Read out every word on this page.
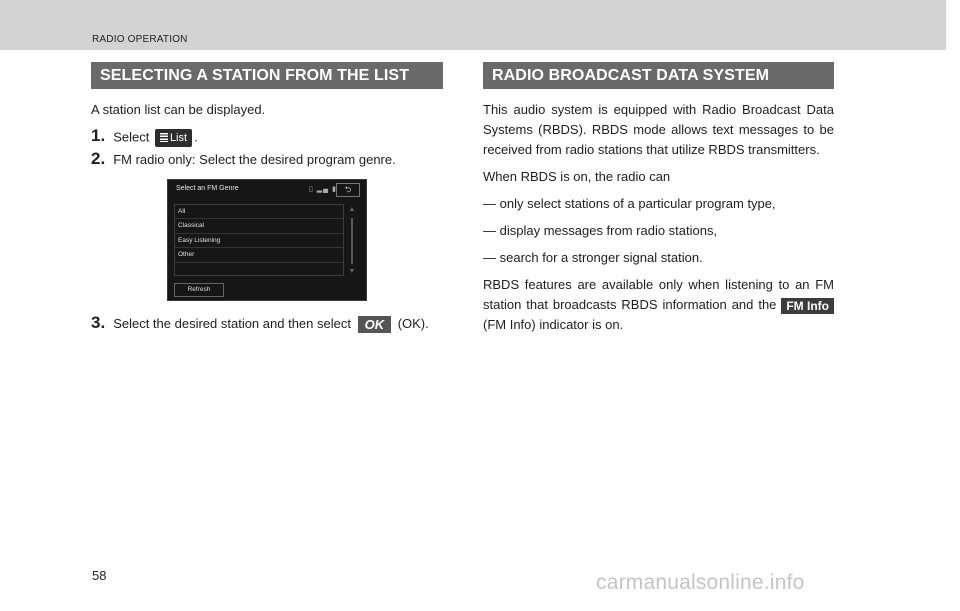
RADIO OPERATION
SELECTING A STATION FROM THE LIST

A station list can be displayed.

1. Select List .
2. FM radio only: Select the desired program genre.
Select an FM Genre	▯ ▂▄ ▮ ⮌
All
Classical
Easy Listening
Other
▲
▼
Refresh
3. Select the desired station and then select OK (OK).
RADIO BROADCAST DATA SYSTEM

This audio system is equipped with Radio Broadcast Data Systems (RBDS). RBDS mode allows text messages to be received from radio stations that utilize RBDS transmitters.

When RBDS is on, the radio can

— only select stations of a particular program type,

— display messages from radio stations,

— search for a stronger signal station.

RBDS features are available only when listening to an FM station that broadcasts RBDS information and the FM Info (FM Info) indicator is on.

58	carmanualsonline.info
